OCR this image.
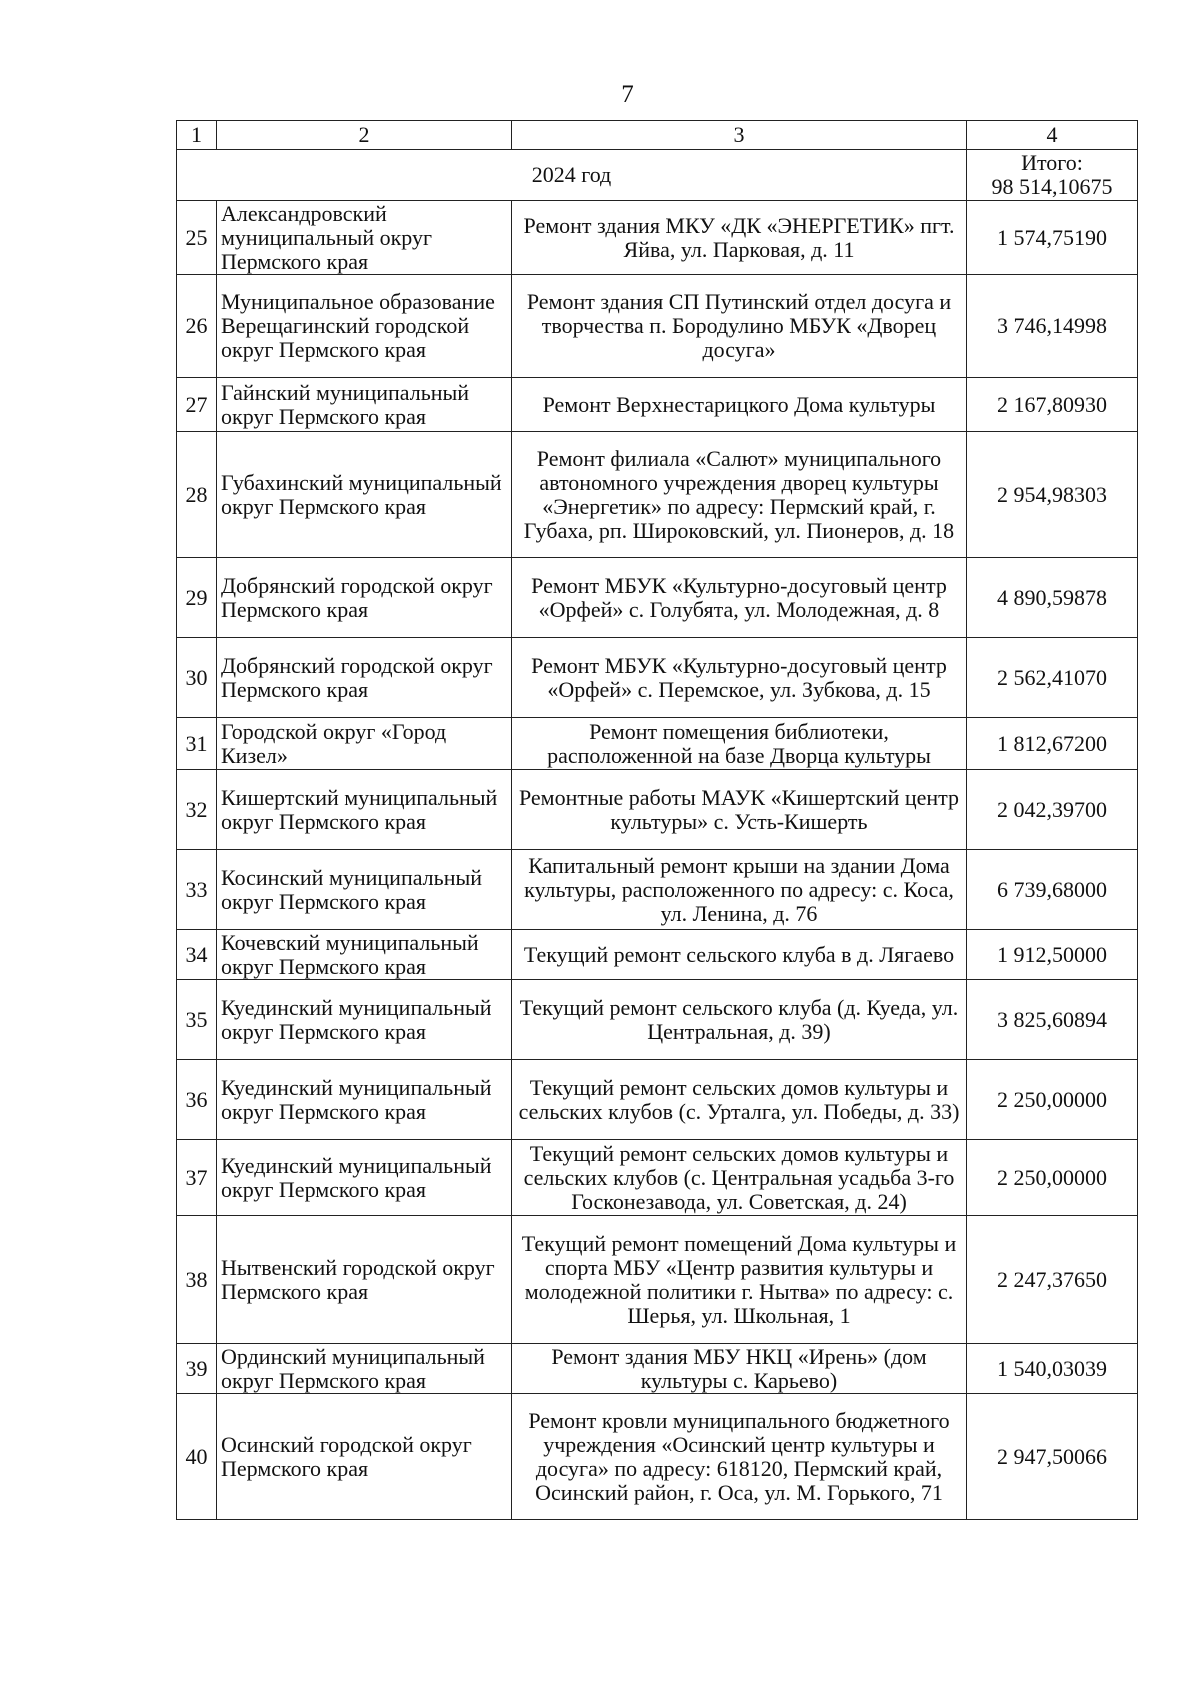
7
1	2	3	4
2024 год			Итого:
98 514,10675

25	Александровский муниципальный округ Пермского края	Ремонт здания МКУ «ДК «ЭНЕРГЕТИК» пгт. Яйва, ул. Парковая, д. 11	1 574,75190
26	Муниципальное образование Верещагинский городской округ Пермского края	Ремонт здания СП Путинский отдел досуга и творчества п. Бородулино МБУК «Дворец досуга»	3 746,14998
27	Гайнский муниципальный округ Пермского края	Ремонт Верхнестарицкого Дома культуры	2 167,80930
28	Губахинский муниципальный округ Пермского края	Ремонт филиала «Салют» муниципального автономного учреждения дворец культуры «Энергетик» по адресу: Пермский край, г. Губаха, рп. Широковский, ул. Пионеров, д. 18	2 954,98303
29	Добрянский городской округ Пермского края	Ремонт МБУК «Культурно-досуговый центр «Орфей» с. Голубята, ул. Молодежная, д. 8	4 890,59878
30	Добрянский городской округ Пермского края	Ремонт МБУК «Культурно-досуговый центр «Орфей» с. Перемское, ул. Зубкова, д. 15	2 562,41070
31	Городской округ «Город Кизел»	Ремонт помещения библиотеки, расположенной на базе Дворца культуры	1 812,67200
32	Кишертский муниципальный округ Пермского края	Ремонтные работы МАУК «Кишертский центр культуры» с. Усть-Кишерть	2 042,39700
33	Косинский муниципальный округ Пермского края	Капитальный ремонт крыши на здании Дома культуры, расположенного по адресу: с. Коса, ул. Ленина, д. 76	6 739,68000
34	Кочевский муниципальный округ Пермского края	Текущий ремонт сельского клуба в д. Лягаево	1 912,50000
35	Куединский муниципальный округ Пермского края	Текущий ремонт сельского клуба (д. Куеда, ул. Центральная, д. 39)	3 825,60894
36	Куединский муниципальный округ Пермского края	Текущий ремонт сельских домов культуры и сельских клубов (с. Урталга, ул. Победы, д. 33)	2 250,00000
37	Куединский муниципальный округ Пермского края	Текущий ремонт сельских домов культуры и сельских клубов (с. Центральная усадьба 3-го Госконезавода, ул. Советская, д. 24)	2 250,00000
38	Нытвенский городской округ Пермского края	Текущий ремонт помещений Дома культуры и спорта МБУ «Центр развития культуры и молодежной политики г. Нытва» по адресу: с. Шерья, ул. Школьная, 1	2 247,37650
39	Ординский муниципальный округ Пермского края	Ремонт здания МБУ НКЦ «Ирень» (дом культуры с. Карьево)	1 540,03039
40	Осинский городской округ Пермского края	Ремонт кровли муниципального бюджетного учреждения «Осинский центр культуры и досуга» по адресу: 618120, Пермский край, Осинский район, г. Оса, ул. М. Горького, 71	2 947,50066
